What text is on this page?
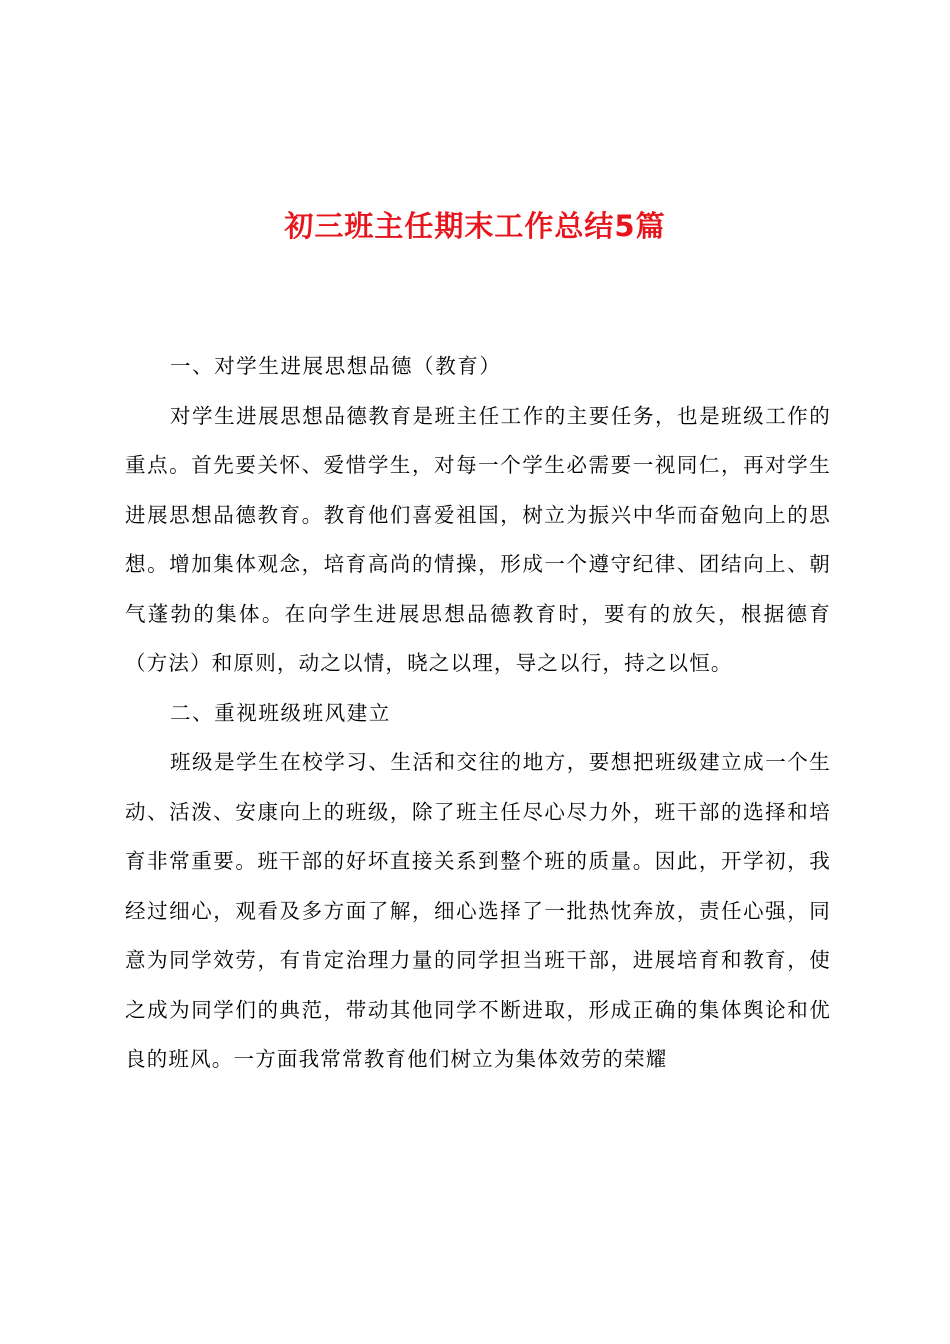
初三班主任期末工作总结5篇

一、对学生进展思想品德（教育）

对学生进展思想品德教育是班主任工作的主要任务，也是班级工作的重点。首先要关怀、爱惜学生，对每一个学生必需要一视同仁，再对学生进展思想品德教育。教育他们喜爱祖国，树立为振兴中华而奋勉向上的思想。增加集体观念，培育高尚的情操，形成一个遵守纪律、团结向上、朝气蓬勃的集体。在向学生进展思想品德教育时，要有的放矢，根据德育（方法）和原则，动之以情，晓之以理，导之以行，持之以恒。

二、重视班级班风建立

班级是学生在校学习、生活和交往的地方，要想把班级建立成一个生动、活泼、安康向上的班级，除了班主任尽心尽力外，班干部的选择和培育非常重要。班干部的好坏直接关系到整个班的质量。因此，开学初，我经过细心，观看及多方面了解，细心选择了一批热忱奔放，责任心强，同意为同学效劳，有肯定治理力量的同学担当班干部，进展培育和教育，使之成为同学们的典范，带动其他同学不断进取，形成正确的集体舆论和优良的班风。一方面我常常教育他们树立为集体效劳的荣耀
